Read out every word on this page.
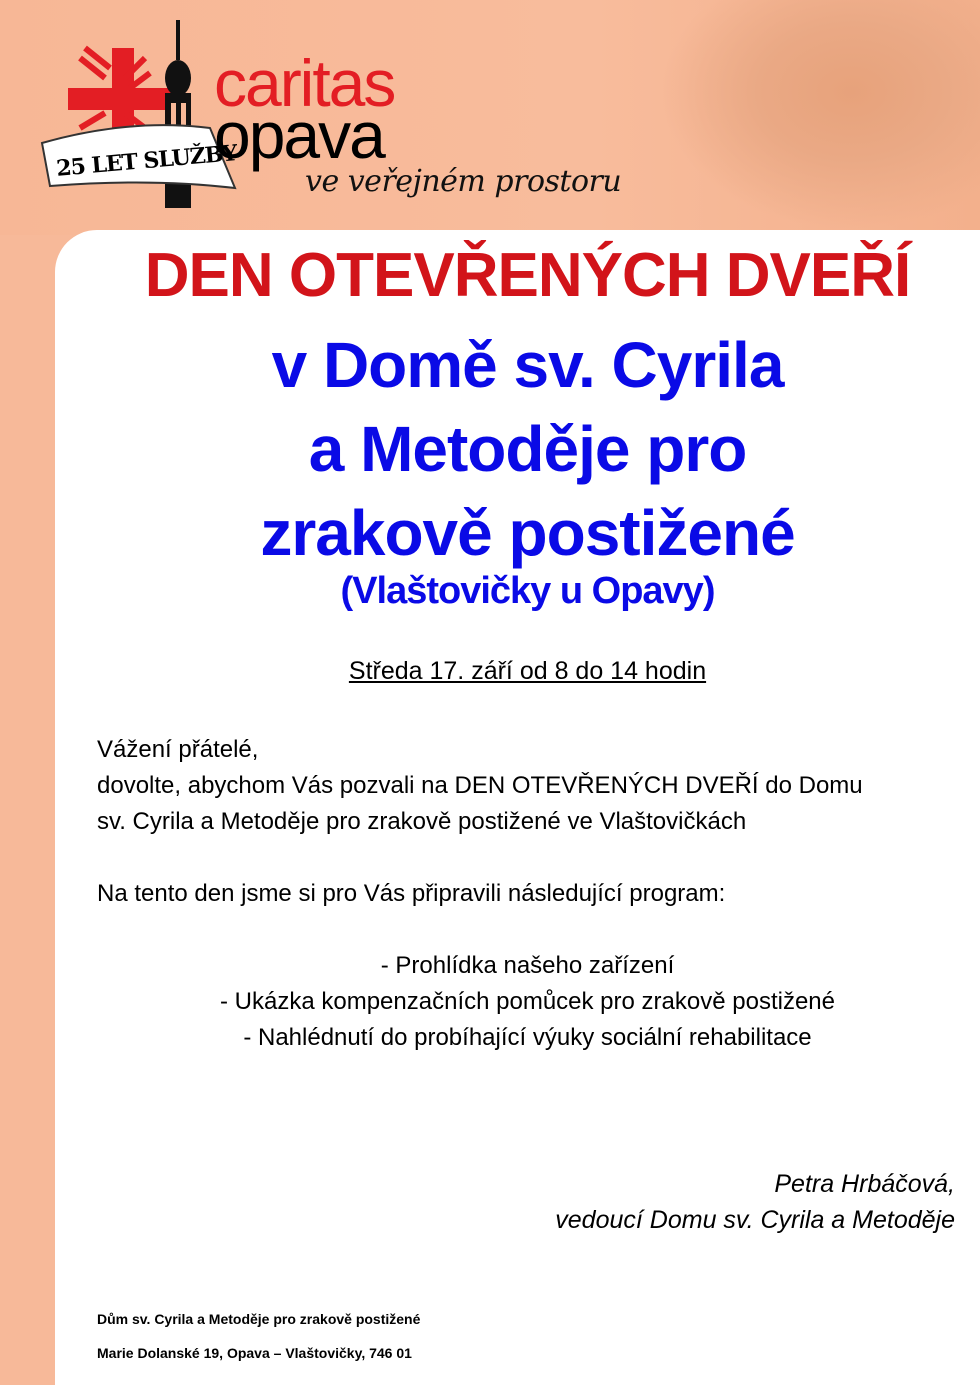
25 LET SLUŽBY
caritas
opava
ve veřejném prostoru
DEN OTEVŘENÝCH DVEŘÍ
v Domě sv. Cyrila
a Metoděje pro
zrakově postižené
(Vlaštovičky u Opavy)
Středa 17. září od 8 do 14 hodin
Vážení přátelé,
dovolte, abychom Vás pozvali na DEN OTEVŘENÝCH DVEŘÍ do Domu
sv. Cyrila a Metoděje pro zrakově postižené ve Vlaštovičkách
Na tento den jsme si pro Vás připravili následující program:
- Prohlídka našeho zařízení
- Ukázka kompenzačních pomůcek pro zrakově postižené
- Nahlédnutí do probíhající výuky sociální rehabilitace
Petra Hrbáčová,
vedoucí Domu sv. Cyrila a Metoděje
Dům sv. Cyrila a Metoděje pro zrakově postižené
Marie Dolanské 19, Opava – Vlaštovičky, 746 01
